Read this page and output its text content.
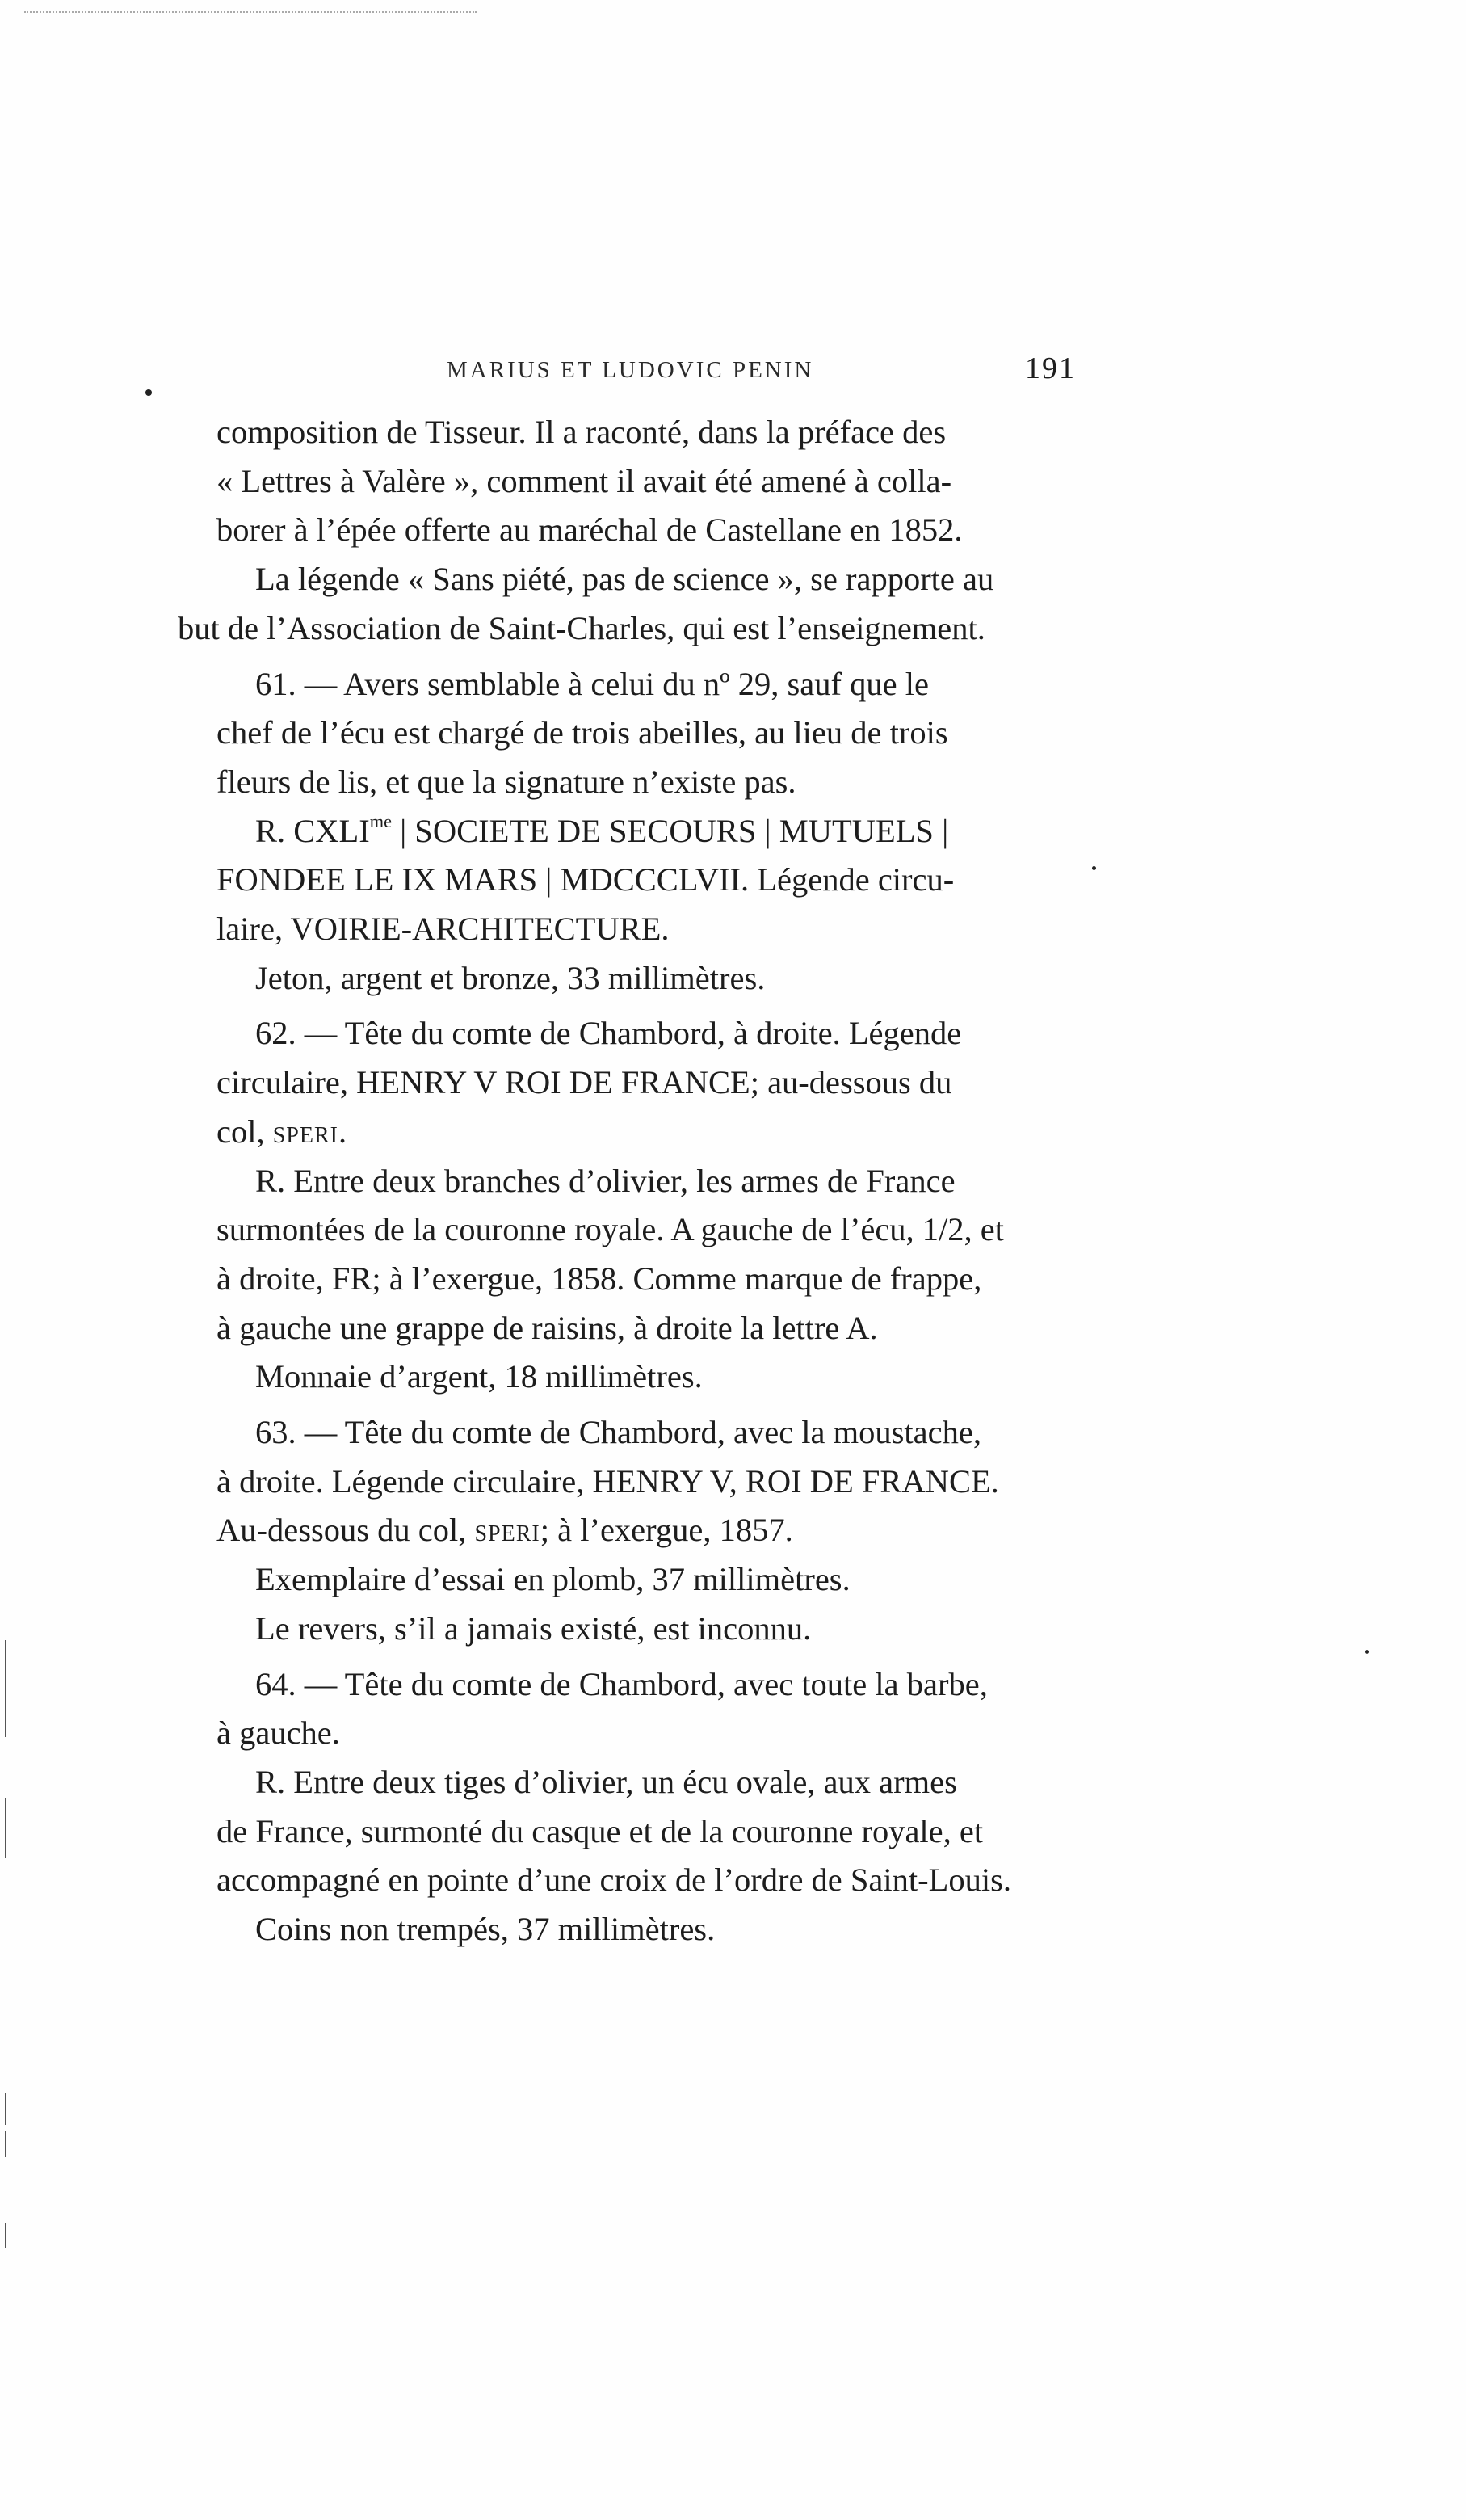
MARIUS ET LUDOVIC PENIN	191

composition de Tisseur. Il a raconté, dans la préface des
« Lettres à Valère », comment il avait été amené à colla-
borer à l’épée offerte au maréchal de Castellane en 1852.

La légende « Sans piété, pas de science », se rapporte au
but de l’Association de Saint-Charles, qui est l’enseignement.

61. — Avers semblable à celui du nº 29, sauf que le
chef de l’écu est chargé de trois abeilles, au lieu de trois
fleurs de lis, et que la signature n’existe pas.

R. $CXLI^{me}$ | SOCIETE DE SECOURS | MUTUELS |
FONDEE LE IX MARS | MDCCCLVII. Légende circu-
laire, VOIRIE-ARCHITECTURE.

Jeton, argent et bronze, 33 millimètres.

62. — Tête du comte de Chambord, à droite. Légende
circulaire, HENRY V ROI DE FRANCE; au-dessous du
col, speri.

R. Entre deux branches d’olivier, les armes de France
surmontées de la couronne royale. A gauche de l’écu, 1/2, et
à droite, FR; à l’exergue, 1858. Comme marque de frappe,
à gauche une grappe de raisins, à droite la lettre A.

Monnaie d’argent, 18 millimètres.

63. — Tête du comte de Chambord, avec la moustache,
à droite. Légende circulaire, HENRY V, ROI DE FRANCE.
Au-dessous du col, speri; à l’exergue, 1857.

Exemplaire d’essai en plomb, 37 millimètres.

Le revers, s’il a jamais existé, est inconnu.

64. — Tête du comte de Chambord, avec toute la barbe,
à gauche.

R. Entre deux tiges d’olivier, un écu ovale, aux armes
de France, surmonté du casque et de la couronne royale, et
accompagné en pointe d’une croix de l’ordre de Saint-Louis.

Coins non trempés, 37 millimètres.
